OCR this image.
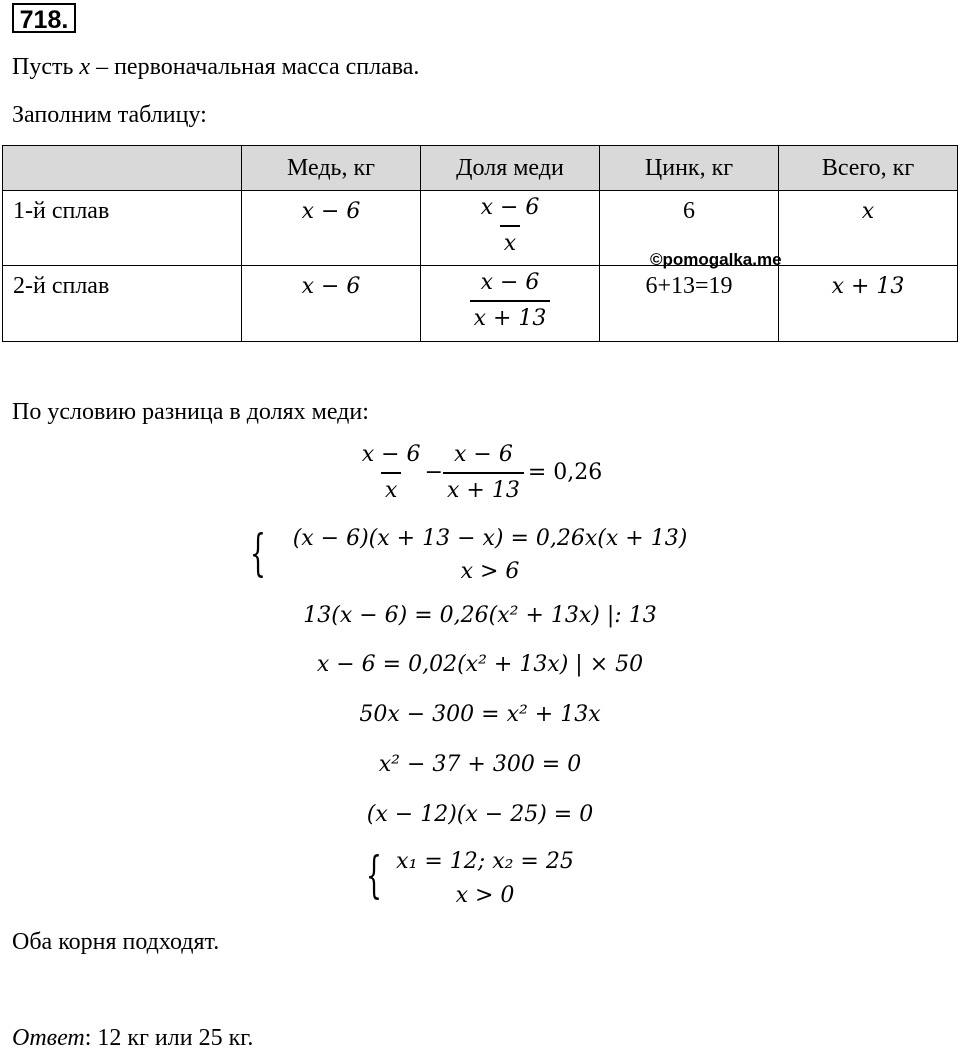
718.
Пусть x – первоначальная масса сплава.
Заполним таблицу:
	Медь, кг	Доля меди	Цинк, кг	Всего, кг
1-й сплав	x − 6	$\frac{x - 6}{x}$	6	x
2-й сплав	x − 6	$\frac{x - 6}{x + 13}$	6+13=19	x + 13
©pomogalka.me
По условию разница в долях меди:
$\frac{x - 6}{x} - \frac{x - 6}{x + 13} = 0,26$
{	(x − 6)(x + 13 − x) = 0,26x(x + 13)
x > 6
13(x − 6) = 0,26(x² + 13x) |: 13
x − 6 = 0,02(x² + 13x) | × 50
50x − 300 = x² + 13x
x² − 37 + 300 = 0
(x − 12)(x − 25) = 0
{ x₁ = 12; x₂ = 25
x > 0
Оба корня подходят.
Ответ: 12 кг или 25 кг.
